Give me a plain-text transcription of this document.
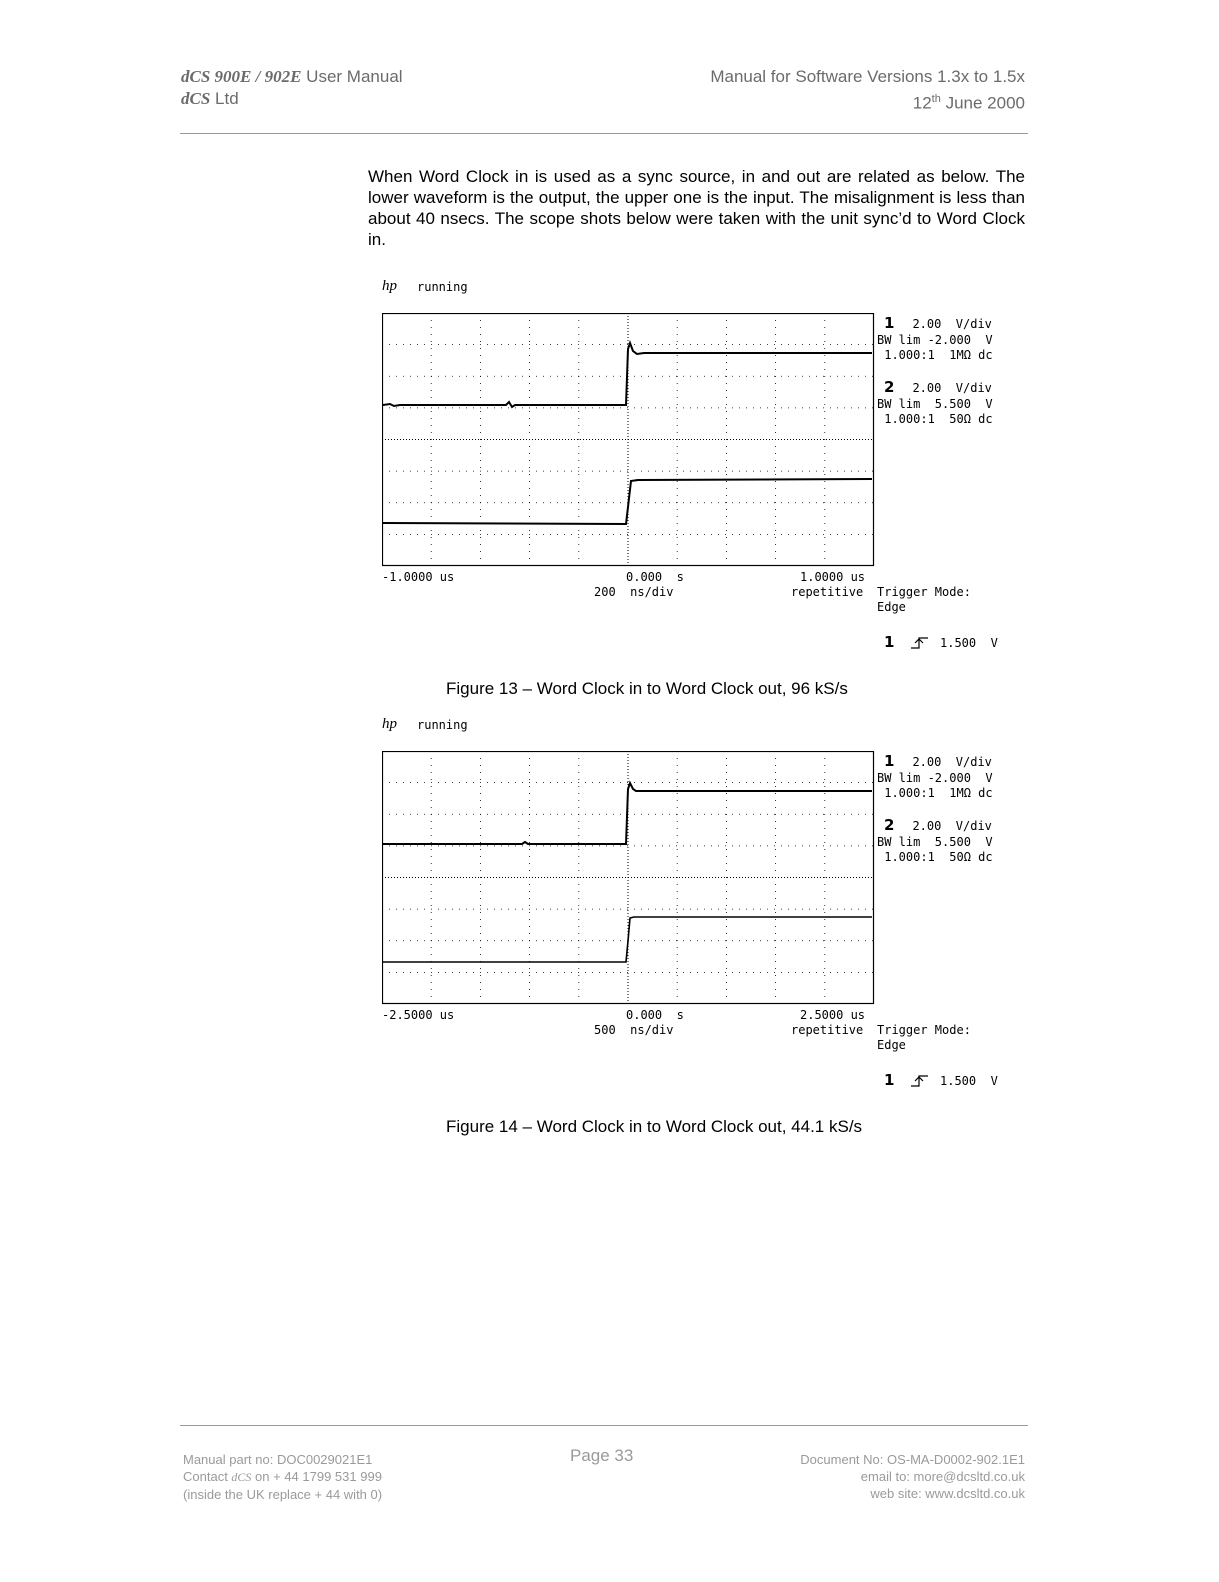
dCS 900E / 902E User Manual
dCS Ltd
Manual for Software Versions 1.3x to 1.5x
12th June 2000
When Word Clock in is used as a sync source, in and out are related as below. The lower waveform is the output, the upper one is the input. The misalignment is less than about 40 nsecs. The scope shots below were taken with the unit sync’d to Word Clock in.
hp running
1 2.00  V/div
BW lim -2.000  V
1.000:1  1MΩ dc
2 2.00  V/div
BW lim  5.500  V
1.000:1  50Ω dc
-1.0000 us	0.000  s	1.0000 us
200  ns/div	repetitive Trigger Mode:
Edge
1	1.500  V
Figure 13 – Word Clock in to Word Clock out, 96 kS/s
hp running
1 2.00  V/div
BW lim -2.000  V
1.000:1  1MΩ dc
2 2.00  V/div
BW lim  5.500  V
1.000:1  50Ω dc
-2.5000 us	0.000  s	2.5000 us
500  ns/div	repetitive Trigger Mode:
Edge
1	1.500  V
Figure 14 – Word Clock in to Word Clock out, 44.1 kS/s
Manual part no: DOC0029021E1
Contact dCS on + 44 1799 531 999
(inside the UK replace + 44 with 0)
Page 33	Document No: OS-MA-D0002-902.1E1
email to: more@dcsltd.co.uk
web site: www.dcsltd.co.uk
